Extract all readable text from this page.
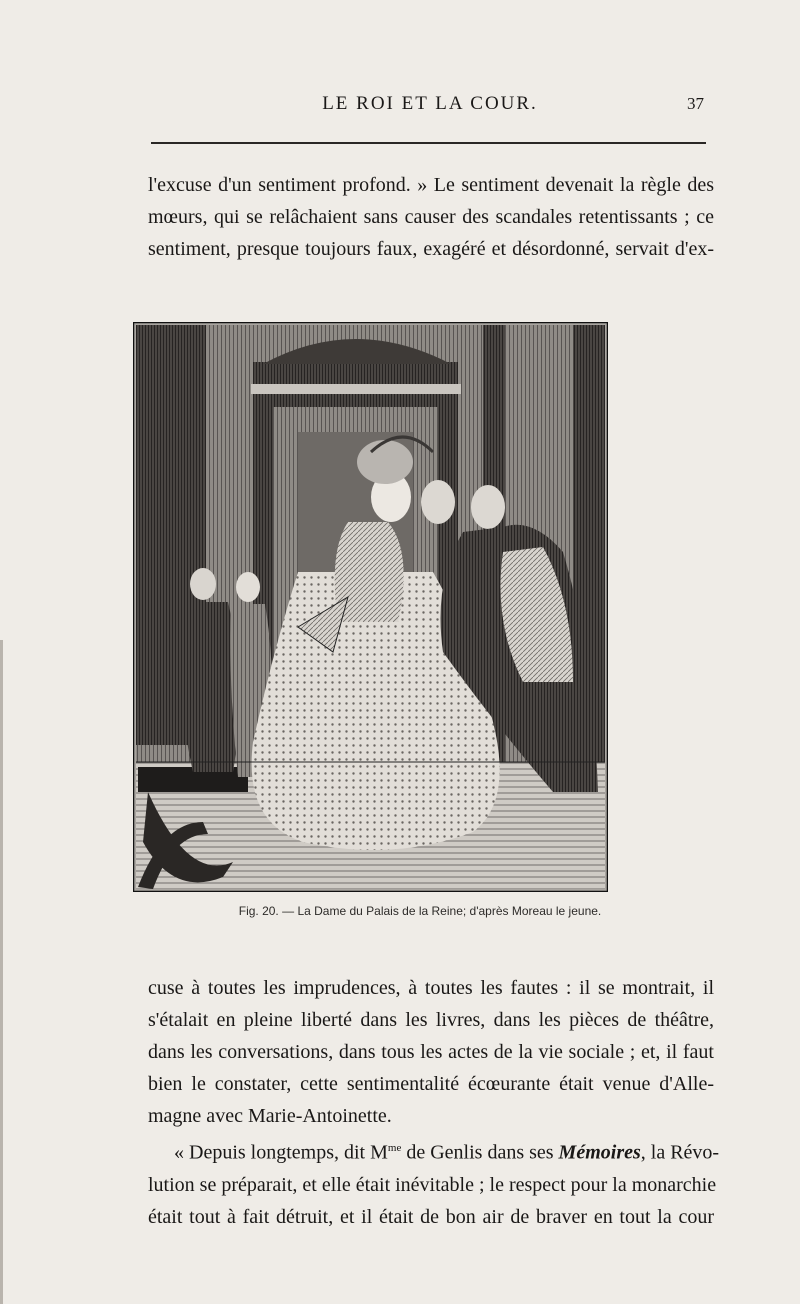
LE ROI ET LA COUR.	37

l'excuse d'un sentiment profond. » Le sentiment devenait la règle des
mœurs, qui se relâchaient sans causer des scandales retentissants ; ce
sentiment, presque toujours faux, exagéré et désordonné, servait d'ex-

Fig. 20. — La Dame du Palais de la Reine; d'après Moreau le jeune.

cuse à toutes les imprudences, à toutes les fautes : il se montrait, il
s'étalait en pleine liberté dans les livres, dans les pièces de théâtre,
dans les conversations, dans tous les actes de la vie sociale ; et, il faut
bien le constater, cette sentimentalité écœurante était venue d'Alle-
magne avec Marie-Antoinette.
« Depuis longtemps, dit $M^{me}$ de Genlis dans ses Mémoires, la Révo-
lution se préparait, et elle était inévitable ; le respect pour la monarchie
était tout à fait détruit, et il était de bon air de braver en tout la cour
